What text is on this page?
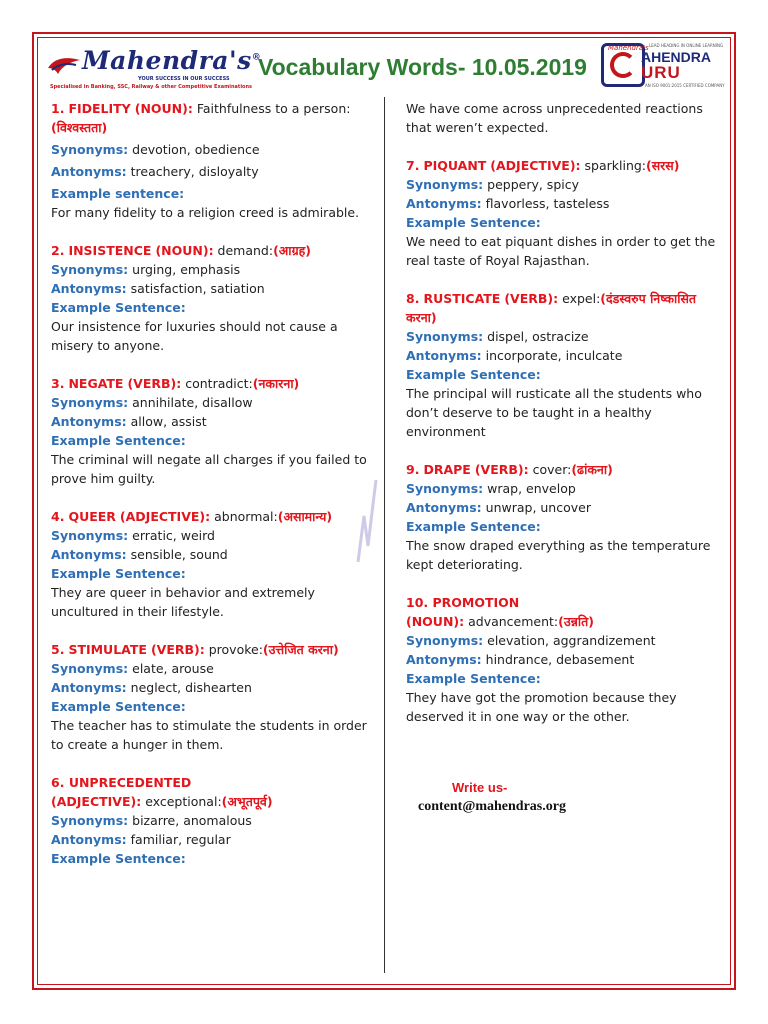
Mahendra's®
YOUR SUCCESS IN OUR SUCCESS
Specialised in Banking, SSC, Railway & other Competitive Examinations
Vocabulary Words- 10.05.2019
Mahendra's LEAD HEADING IN ONLINE LEARNING
AHENDRA
URU
AN ISO 9001:2015 CERTIFIED COMPANY
1. FIDELITY (NOUN): Faithfulness to a person:(विश्वस्तता)
Synonyms: devotion, obedience
Antonyms: treachery, disloyalty
Example sentence:
For many fidelity to a religion creed is admirable.
2. INSISTENCE (NOUN): demand:(आग्रह)
Synonyms: urging, emphasis
Antonyms: satisfaction, satiation
Example Sentence:
Our insistence for luxuries should not cause a misery to anyone.
3. NEGATE (VERB): contradict:(नकारना)
Synonyms: annihilate, disallow
Antonyms: allow, assist
Example Sentence:
The criminal will negate all charges if you failed to prove him guilty.
4. QUEER (ADJECTIVE): abnormal:(असामान्य)
Synonyms: erratic, weird
Antonyms: sensible, sound
Example Sentence:
They are queer in behavior and extremely uncultured in their lifestyle.
5. STIMULATE (VERB): provoke:(उत्तेजित करना)
Synonyms: elate, arouse
Antonyms: neglect, dishearten
Example Sentence:
The teacher has to stimulate the students in order to create a hunger in them.
6. UNPRECEDENTED
(ADJECTIVE): exceptional:(अभूतपूर्व)
Synonyms: bizarre, anomalous
Antonyms: familiar, regular
Example Sentence:
We have come across unprecedented reactions that weren’t expected.
7. PIQUANT (ADJECTIVE): sparkling:(सरस)
Synonyms: peppery, spicy
Antonyms: flavorless, tasteless
Example Sentence:
We need to eat piquant dishes in order to get the real taste of Royal Rajasthan.
8. RUSTICATE (VERB): expel:(दंडस्वरुप निष्कासित करना)
Synonyms: dispel, ostracize
Antonyms: incorporate, inculcate
Example Sentence:
The principal will rusticate all the students who don’t deserve to be taught in a healthy environment
9. DRAPE (VERB): cover:(ढांकना)
Synonyms: wrap, envelop
Antonyms: unwrap, uncover
Example Sentence:
The snow draped everything as the temperature kept deteriorating.
10. PROMOTION
(NOUN): advancement:(उन्नति)
Synonyms: elevation, aggrandizement
Antonyms: hindrance, debasement
Example Sentence:
They have got the promotion because they deserved it in one way or the other.
Write us-
content@mahendras.org
